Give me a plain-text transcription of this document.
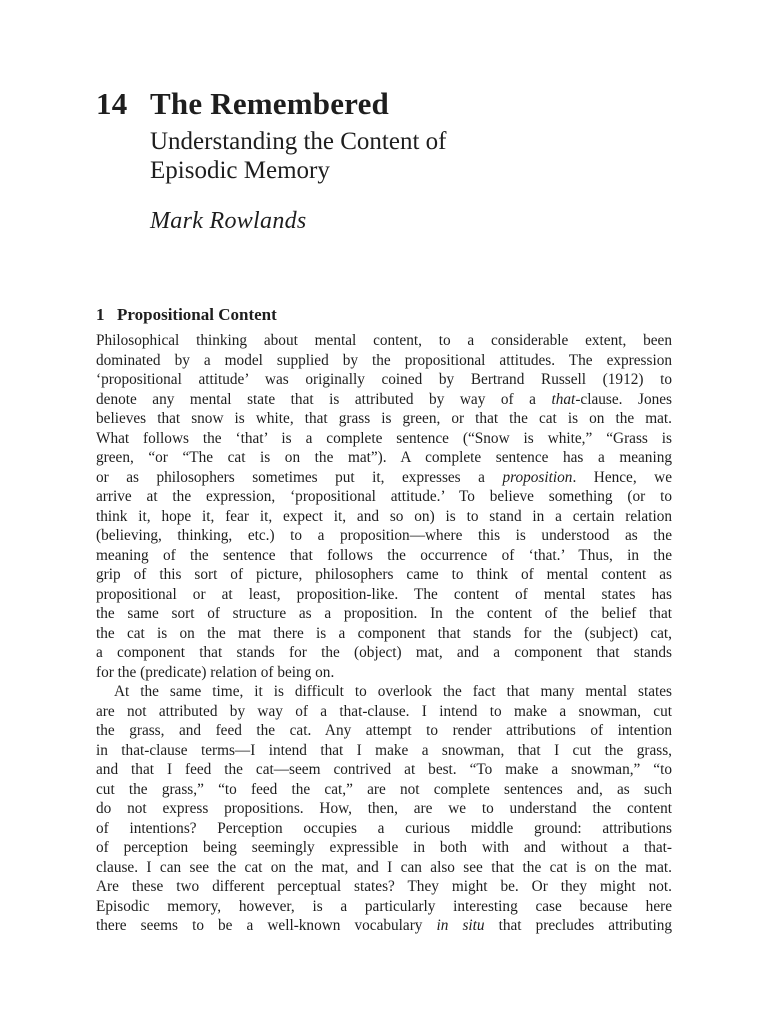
14 The Remembered
Understanding the Content of
Episodic Memory
Mark Rowlands
1 Propositional Content
Philosophical thinking about mental content, to a considerable extent, been
dominated by a model supplied by the propositional attitudes. The expression
‘propositional attitude’ was originally coined by Bertrand Russell (1912) to
denote any mental state that is attributed by way of a that-clause. Jones
believes that snow is white, that grass is green, or that the cat is on the mat.
What follows the ‘that’ is a complete sentence (“Snow is white,” “Grass is
green, “or “The cat is on the mat”). A complete sentence has a meaning
or as philosophers sometimes put it, expresses a proposition. Hence, we
arrive at the expression, ‘propositional attitude.’ To believe something (or to
think it, hope it, fear it, expect it, and so on) is to stand in a certain relation
(believing, thinking, etc.) to a proposition—where this is understood as the
meaning of the sentence that follows the occurrence of ‘that.’ Thus, in the
grip of this sort of picture, philosophers came to think of mental content as
propositional or at least, proposition-like. The content of mental states has
the same sort of structure as a proposition. In the content of the belief that
the cat is on the mat there is a component that stands for the (subject) cat,
a component that stands for the (object) mat, and a component that stands
for the (predicate) relation of being on.
At the same time, it is difficult to overlook the fact that many mental states
are not attributed by way of a that-clause. I intend to make a snowman, cut
the grass, and feed the cat. Any attempt to render attributions of intention
in that-clause terms—I intend that I make a snowman, that I cut the grass,
and that I feed the cat—seem contrived at best. “To make a snowman,” “to
cut the grass,” “to feed the cat,” are not complete sentences and, as such
do not express propositions. How, then, are we to understand the content
of intentions? Perception occupies a curious middle ground: attributions
of perception being seemingly expressible in both with and without a that-
clause. I can see the cat on the mat, and I can also see that the cat is on the mat.
Are these two different perceptual states? They might be. Or they might not.
Episodic memory, however, is a particularly interesting case because here
there seems to be a well-known vocabulary in situ that precludes attributing
